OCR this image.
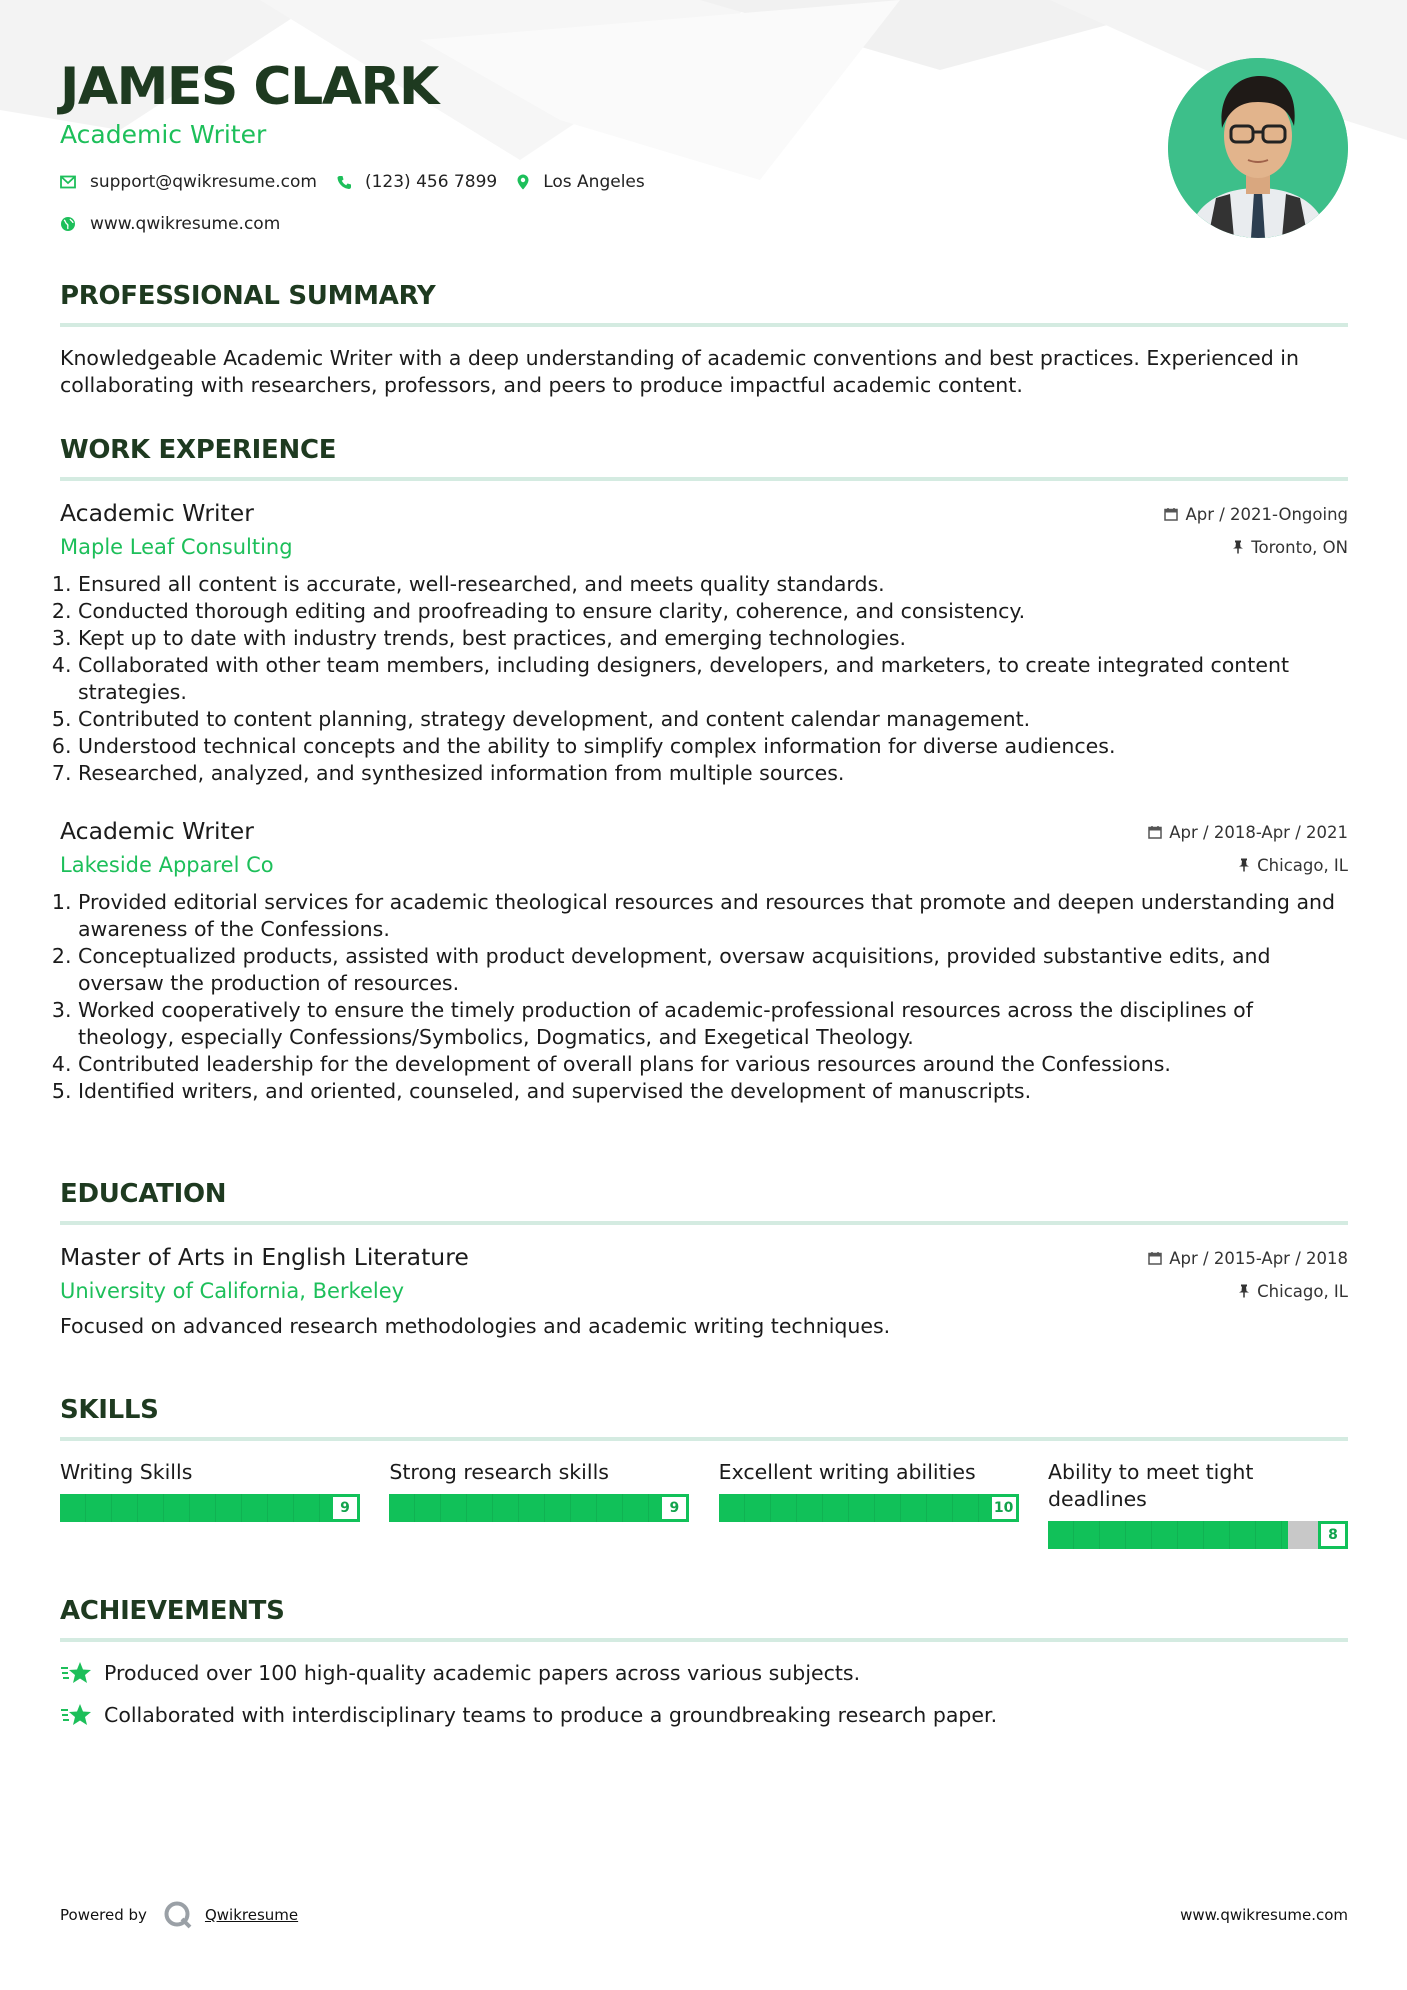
JAMES CLARK

Academic Writer

support@qwikresume.com	(123) 456 7899	Los Angeles
www.qwikresume.com
PROFESSIONAL SUMMARY

Knowledgeable Academic Writer with a deep understanding of academic conventions and best practices. Experienced in collaborating with researchers, professors, and peers to produce impactful academic content.

WORK EXPERIENCE

Academic Writer	Apr / 2021-Ongoing

Maple Leaf Consulting	Toronto, ON
1. Ensured all content is accurate, well-researched, and meets quality standards.
2. Conducted thorough editing and proofreading to ensure clarity, coherence, and consistency.
3. Kept up to date with industry trends, best practices, and emerging technologies.
4. Collaborated with other team members, including designers, developers, and marketers, to create integrated content strategies.
5. Contributed to content planning, strategy development, and content calendar management.
6. Understood technical concepts and the ability to simplify complex information for diverse audiences.
7. Researched, analyzed, and synthesized information from multiple sources.

Academic Writer	Apr / 2018-Apr / 2021

Lakeside Apparel Co	Chicago, IL
1. Provided editorial services for academic theological resources and resources that promote and deepen understanding and awareness of the Confessions.
2. Conceptualized products, assisted with product development, oversaw acquisitions, provided substantive edits, and oversaw the production of resources.
3. Worked cooperatively to ensure the timely production of academic-professional resources across the disciplines of theology, especially Confessions/Symbolics, Dogmatics, and Exegetical Theology.
4. Contributed leadership for the development of overall plans for various resources around the Confessions.
5. Identified writers, and oriented, counseled, and supervised the development of manuscripts.
EDUCATION

Master of Arts in English Literature	Apr / 2015-Apr / 2018

University of California, Berkeley	Chicago, IL

Focused on advanced research methodologies and academic writing techniques.

SKILLS

Writing Skills

9

Strong research skills

9

Excellent writing abilities

10

Ability to meet tight deadlines

8

ACHIEVEMENTS
Produced over 100 high-quality academic papers across various subjects.
Collaborated with interdisciplinary teams to produce a groundbreaking research paper.
Powered by	Qwikresume	www.qwikresume.com
